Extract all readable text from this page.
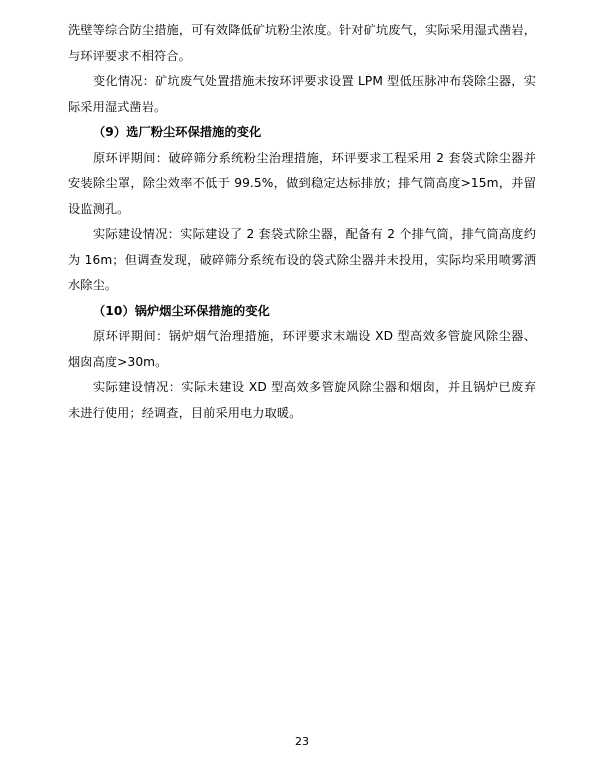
洗壁等综合防尘措施，可有效降低矿坑粉尘浓度。针对矿坑废气，实际采用湿式凿岩，与环评要求不相符合。

变化情况：矿坑废气处置措施未按环评要求设置 LPM 型低压脉冲布袋除尘器，实际采用湿式凿岩。

（9）选厂粉尘环保措施的变化

原环评期间：破碎筛分系统粉尘治理措施，环评要求工程采用 2 套袋式除尘器并安装除尘罩，除尘效率不低于 99.5%，做到稳定达标排放；排气筒高度>15m，并留设监测孔。

实际建设情况：实际建设了 2 套袋式除尘器，配备有 2 个排气筒，排气筒高度约为 16m；但调查发现，破碎筛分系统布设的袋式除尘器并未投用，实际均采用喷雾洒水除尘。

（10）锅炉烟尘环保措施的变化

原环评期间：锅炉烟气治理措施，环评要求末端设 XD 型高效多管旋风除尘器、烟囱高度>30m。

实际建设情况：实际未建设 XD 型高效多管旋风除尘器和烟囱，并且锅炉已废弃未进行使用；经调查，目前采用电力取暖。

23
